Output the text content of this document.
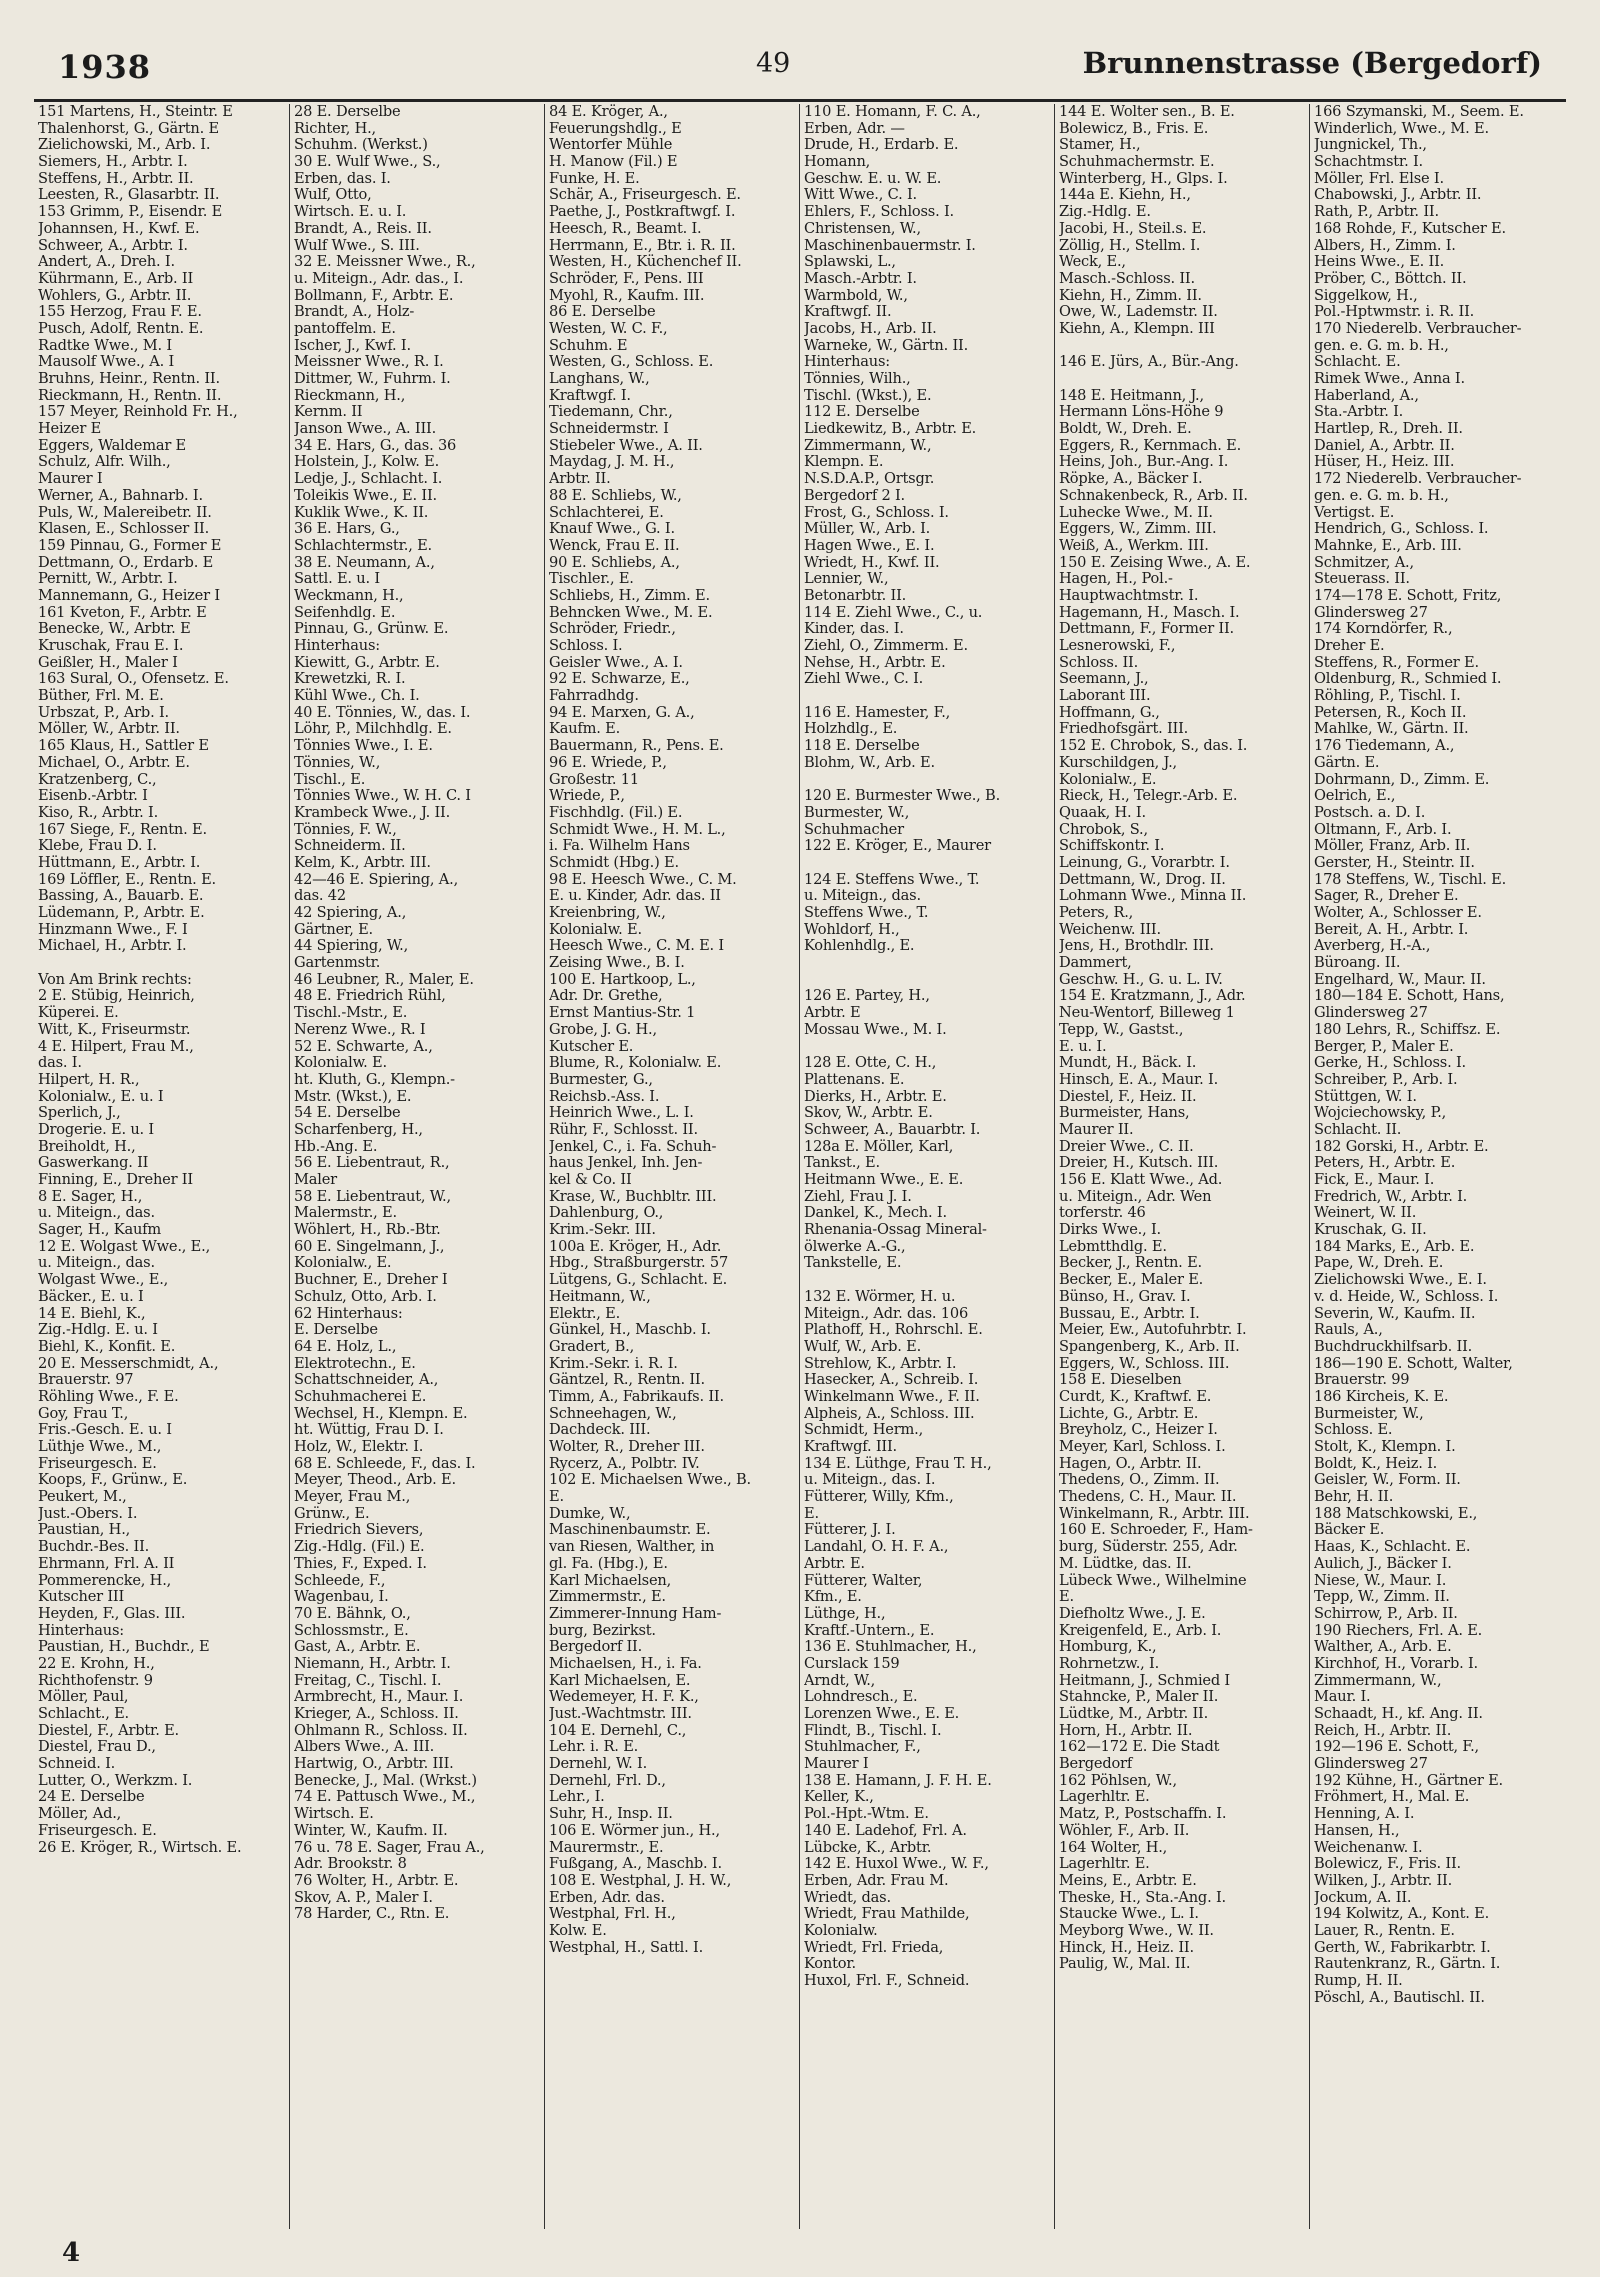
1938	49	Brunnenstrasse (Bergedorf)
151 Martens, H., Steintr. E
Thalenhorst, G., Gärtn. E
Zielichowski, M., Arb. I.
Siemers, H., Arbtr. I.
Steffens, H., Arbtr. II.
Leesten, R., Glasarbtr. II.
153 Grimm, P., Eisendr. E
Johannsen, H., Kwf. E.
Schweer, A., Arbtr. I.
Andert, A., Dreh. I.
Kührmann, E., Arb. II
Wohlers, G., Arbtr. II.
155 Herzog, Frau F. E.
Pusch, Adolf, Rentn. E.
Radtke Wwe., M. I
Mausolf Wwe., A. I
Bruhns, Heinr., Rentn. II.
Rieckmann, H., Rentn. II.
157 Meyer, Reinhold Fr. H.,
Heizer E
Eggers, Waldemar E
Schulz, Alfr. Wilh.,
Maurer I
Werner, A., Bahnarb. I.
Puls, W., Malereibetr. II.
Klasen, E., Schlosser II.
159 Pinnau, G., Former E
Dettmann, O., Erdarb. E
Pernitt, W., Arbtr. I.
Mannemann, G., Heizer I
161 Kveton, F., Arbtr. E
Benecke, W., Arbtr. E
Kruschak, Frau E. I.
Geißler, H., Maler I
163 Sural, O., Ofensetz. E.
Büther, Frl. M. E.
Urbszat, P., Arb. I.
Möller, W., Arbtr. II.
165 Klaus, H., Sattler E
Michael, O., Arbtr. E.
Kratzenberg, C.,
Eisenb.-Arbtr. I
Kiso, R., Arbtr. I.
167 Siege, F., Rentn. E.
Klebe, Frau D. I.
Hüttmann, E., Arbtr. I.
169 Löffler, E., Rentn. E.
Bassing, A., Bauarb. E.
Lüdemann, P., Arbtr. E.
Hinzmann Wwe., F. I
Michael, H., Arbtr. I.
Von Am Brink rechts:
2 E. Stübig, Heinrich,
Küperei. E.
Witt, K., Friseurmstr.
4 E. Hilpert, Frau M.,
das. I.
Hilpert, H. R.,
Kolonialw., E. u. I
Sperlich, J.,
Drogerie. E. u. I
Breiholdt, H.,
Gaswerkang. II
Finning, E., Dreher II
8 E. Sager, H.,
u. Miteign., das.
Sager, H., Kaufm
12 E. Wolgast Wwe., E.,
u. Miteign., das.
Wolgast Wwe., E.,
Bäcker., E. u. I
14 E. Biehl, K.,
Zig.-Hdlg. E. u. I
Biehl, K., Konfit. E.
20 E. Messerschmidt, A.,
Brauerstr. 97
Röhling Wwe., F. E.
Goy, Frau T.,
Fris.-Gesch. E. u. I
Lüthje Wwe., M.,
Friseurgesch. E.
Koops, F., Grünw., E.
Peukert, M.,
Just.-Obers. I.
Paustian, H.,
Buchdr.-Bes. II.
Ehrmann, Frl. A. II
Pommerencke, H.,
Kutscher III
Heyden, F., Glas. III.
Hinterhaus:
Paustian, H., Buchdr., E
22 E. Krohn, H.,
Richthofenstr. 9
Möller, Paul,
Schlacht., E.
Diestel, F., Arbtr. E.
Diestel, Frau D.,
Schneid. I.
Lutter, O., Werkzm. I.
24 E. Derselbe
Möller, Ad.,
Friseurgesch. E.
26 E. Kröger, R., Wirtsch. E.
28 E. Derselbe
Richter, H.,
Schuhm. (Werkst.)
30 E. Wulf Wwe., S.,
Erben, das. I.
Wulf, Otto,
Wirtsch. E. u. I.
Brandt, A., Reis. II.
Wulf Wwe., S. III.
32 E. Meissner Wwe., R.,
u. Miteign., Adr. das., I.
Bollmann, F., Arbtr. E.
Brandt, A., Holz-
pantoffelm. E.
Ischer, J., Kwf. I.
Meissner Wwe., R. I.
Dittmer, W., Fuhrm. I.
Rieckmann, H.,
Kernm. II
Janson Wwe., A. III.
34 E. Hars, G., das. 36
Holstein, J., Kolw. E.
Ledje, J., Schlacht. I.
Toleikis Wwe., E. II.
Kuklik Wwe., K. II.
36 E. Hars, G.,
Schlachtermstr., E.
38 E. Neumann, A.,
Sattl. E. u. I
Weckmann, H.,
Seifenhdlg. E.
Pinnau, G., Grünw. E.
Hinterhaus:
Kiewitt, G., Arbtr. E.
Krewetzki, R. I.
Kühl Wwe., Ch. I.
40 E. Tönnies, W., das. I.
Löhr, P., Milchhdlg. E.
Tönnies Wwe., I. E.
Tönnies, W.,
Tischl., E.
Tönnies Wwe., W. H. C. I
Krambeck Wwe., J. II.
Tönnies, F. W.,
Schneiderm. II.
Kelm, K., Arbtr. III.
42—46 E. Spiering, A.,
das. 42
42 Spiering, A.,
Gärtner, E.
44 Spiering, W.,
Gartenmstr.
46 Leubner, R., Maler, E.
48 E. Friedrich Rühl,
Tischl.-Mstr., E.
Nerenz Wwe., R. I
52 E. Schwarte, A.,
Kolonialw. E.
ht. Kluth, G., Klempn.-
Mstr. (Wkst.), E.
54 E. Derselbe
Scharfenberg, H.,
Hb.-Ang. E.
56 E. Liebentraut, R.,
Maler
58 E. Liebentraut, W.,
Malermstr., E.
Wöhlert, H., Rb.-Btr.
60 E. Singelmann, J.,
Kolonialw., E.
Buchner, E., Dreher I
Schulz, Otto, Arb. I.
62 Hinterhaus:
E. Derselbe
64 E. Holz, L.,
Elektrotechn., E.
Schattschneider, A.,
Schuhmacherei E.
Wechsel, H., Klempn. E.
ht. Wüttig, Frau D. I.
Holz, W., Elektr. I.
68 E. Schleede, F., das. I.
Meyer, Theod., Arb. E.
Meyer, Frau M.,
Grünw., E.
Friedrich Sievers,
Zig.-Hdlg. (Fil.) E.
Thies, F., Exped. I.
Schleede, F.,
Wagenbau, I.
70 E. Bähnk, O.,
Schlossmstr., E.
Gast, A., Arbtr. E.
Niemann, H., Arbtr. I.
Freitag, C., Tischl. I.
Armbrecht, H., Maur. I.
Krieger, A., Schloss. II.
Ohlmann R., Schloss. II.
Albers Wwe., A. III.
Hartwig, O., Arbtr. III.
Benecke, J., Mal. (Wrkst.)
74 E. Pattusch Wwe., M.,
Wirtsch. E.
Winter, W., Kaufm. II.
76 u. 78 E. Sager, Frau A.,
Adr. Brookstr. 8
76 Wolter, H., Arbtr. E.
Skov, A. P., Maler I.
78 Harder, C., Rtn. E.
84 E. Kröger, A.,
Feuerungshdlg., E
Wentorfer Mühle
H. Manow (Fil.) E
Funke, H. E.
Schär, A., Friseurgesch. E.
Paethe, J., Postkraftwgf. I.
Heesch, R., Beamt. I.
Herrmann, E., Btr. i. R. II.
Westen, H., Küchenchef II.
Schröder, F., Pens. III
Myohl, R., Kaufm. III.
86 E. Derselbe
Westen, W. C. F.,
Schuhm. E
Westen, G., Schloss. E.
Langhans, W.,
Kraftwgf. I.
Tiedemann, Chr.,
Schneidermstr. I
Stiebeler Wwe., A. II.
Maydag, J. M. H.,
Arbtr. II.
88 E. Schliebs, W.,
Schlachterei, E.
Knauf Wwe., G. I.
Wenck, Frau E. II.
90 E. Schliebs, A.,
Tischler., E.
Schliebs, H., Zimm. E.
Behncken Wwe., M. E.
Schröder, Friedr.,
Schloss. I.
Geisler Wwe., A. I.
92 E. Schwarze, E.,
Fahrradhdg.
94 E. Marxen, G. A.,
Kaufm. E.
Bauermann, R., Pens. E.
96 E. Wriede, P.,
Großestr. 11
Wriede, P.,
Fischhdlg. (Fil.) E.
Schmidt Wwe., H. M. L.,
i. Fa. Wilhelm Hans
Schmidt (Hbg.) E.
98 E. Heesch Wwe., C. M.
E. u. Kinder, Adr. das. II
Kreienbring, W.,
Kolonialw. E.
Heesch Wwe., C. M. E. I
Zeising Wwe., B. I.
100 E. Hartkoop, L.,
Adr. Dr. Grethe,
Ernst Mantius-Str. 1
Grobe, J. G. H.,
Kutscher E.
Blume, R., Kolonialw. E.
Burmester, G.,
Reichsb.-Ass. I.
Heinrich Wwe., L. I.
Rühr, F., Schlosst. II.
Jenkel, C., i. Fa. Schuh-
haus Jenkel, Inh. Jen-
kel & Co. II
Krase, W., Buchbltr. III.
Dahlenburg, O.,
Krim.-Sekr. III.
100a E. Kröger, H., Adr.
Hbg., Straßburgerstr. 57
Lütgens, G., Schlacht. E.
Heitmann, W.,
Elektr., E.
Günkel, H., Maschb. I.
Gradert, B.,
Krim.-Sekr. i. R. I.
Gäntzel, R., Rentn. II.
Timm, A., Fabrikaufs. II.
Schneehagen, W.,
Dachdeck. III.
Wolter, R., Dreher III.
Rycerz, A., Polbtr. IV.
102 E. Michaelsen Wwe., B.
E.
Dumke, W.,
Maschinenbaumstr. E.
van Riesen, Walther, in
gl. Fa. (Hbg.), E.
Karl Michaelsen,
Zimmermstr., E.
Zimmerer-Innung Ham-
burg, Bezirkst.
Bergedorf II.
Michaelsen, H., i. Fa.
Karl Michaelsen, E.
Wedemeyer, H. F. K.,
Just.-Wachtmstr. III.
104 E. Dernehl, C.,
Lehr. i. R. E.
Dernehl, W. I.
Dernehl, Frl. D.,
Lehr., I.
Suhr, H., Insp. II.
106 E. Wörmer jun., H.,
Maurermstr., E.
Fußgang, A., Maschb. I.
108 E. Westphal, J. H. W.,
Erben, Adr. das.
Westphal, Frl. H.,
Kolw. E.
Westphal, H., Sattl. I.
110 E. Homann, F. C. A.,
Erben, Adr. —
Drude, H., Erdarb. E.
Homann,
Geschw. E. u. W. E.
Witt Wwe., C. I.
Ehlers, F., Schloss. I.
Christensen, W.,
Maschinenbauermstr. I.
Splawski, L.,
Masch.-Arbtr. I.
Warmbold, W.,
Kraftwgf. II.
Jacobs, H., Arb. II.
Warneke, W., Gärtn. II.
Hinterhaus:
Tönnies, Wilh.,
Tischl. (Wkst.), E.
112 E. Derselbe
Liedkewitz, B., Arbtr. E.
Zimmermann, W.,
Klempn. E.
N.S.D.A.P., Ortsgr.
Bergedorf 2 I.
Frost, G., Schloss. I.
Müller, W., Arb. I.
Hagen Wwe., E. I.
Wriedt, H., Kwf. II.
Lennier, W.,
Betonarbtr. II.
114 E. Ziehl Wwe., C., u.
Kinder, das. I.
Ziehl, O., Zimmerm. E.
Nehse, H., Arbtr. E.
Ziehl Wwe., C. I.
116 E. Hamester, F.,
Holzhdlg., E.
118 E. Derselbe
Blohm, W., Arb. E.
120 E. Burmester Wwe., B.
Burmester, W.,
Schuhmacher
122 E. Kröger, E., Maurer
124 E. Steffens Wwe., T.
u. Miteign., das.
Steffens Wwe., T.
Wohldorf, H.,
Kohlenhdlg., E.
126 E. Partey, H.,
Arbtr. E
Mossau Wwe., M. I.
128 E. Otte, C. H.,
Plattenans. E.
Dierks, H., Arbtr. E.
Skov, W., Arbtr. E.
Schweer, A., Bauarbtr. I.
128a E. Möller, Karl,
Tankst., E.
Heitmann Wwe., E. E.
Ziehl, Frau J. I.
Dankel, K., Mech. I.
Rhenania-Ossag Mineral-
ölwerke A.-G.,
Tankstelle, E.
132 E. Wörmer, H. u.
Miteign., Adr. das. 106
Plathoff, H., Rohrschl. E.
Wulf, W., Arb. E.
Strehlow, K., Arbtr. I.
Hasecker, A., Schreib. I.
Winkelmann Wwe., F. II.
Alpheis, A., Schloss. III.
Schmidt, Herm.,
Kraftwgf. III.
134 E. Lüthge, Frau T. H.,
u. Miteign., das. I.
Fütterer, Willy, Kfm.,
E.
Fütterer, J. I.
Landahl, O. H. F. A.,
Arbtr. E.
Fütterer, Walter,
Kfm., E.
Lüthge, H.,
Kraftf.-Untern., E.
136 E. Stuhlmacher, H.,
Curslack 159
Arndt, W.,
Lohndresch., E.
Lorenzen Wwe., E. E.
Flindt, B., Tischl. I.
Stuhlmacher, F.,
Maurer I
138 E. Hamann, J. F. H. E.
Keller, K.,
Pol.-Hpt.-Wtm. E.
140 E. Ladehof, Frl. A.
Lübcke, K., Arbtr.
142 E. Huxol Wwe., W. F.,
Erben, Adr. Frau M.
Wriedt, das.
Wriedt, Frau Mathilde,
Kolonialw.
Wriedt, Frl. Frieda,
Kontor.
Huxol, Frl. F., Schneid.
144 E. Wolter sen., B. E.
Bolewicz, B., Fris. E.
Stamer, H.,
Schuhmachermstr. E.
Winterberg, H., Glps. I.
144a E. Kiehn, H.,
Zig.-Hdlg. E.
Jacobi, H., Steil.s. E.
Zöllig, H., Stellm. I.
Weck, E.,
Masch.-Schloss. II.
Kiehn, H., Zimm. II.
Owe, W., Lademstr. II.
Kiehn, A., Klempn. III
146 E. Jürs, A., Bür.-Ang.
148 E. Heitmann, J.,
Hermann Löns-Höhe 9
Boldt, W., Dreh. E.
Eggers, R., Kernmach. E.
Heins, Joh., Bur.-Ang. I.
Röpke, A., Bäcker I.
Schnakenbeck, R., Arb. II.
Luhecke Wwe., M. II.
Eggers, W., Zimm. III.
Weiß, A., Werkm. III.
150 E. Zeising Wwe., A. E.
Hagen, H., Pol.-
Hauptwachtmstr. I.
Hagemann, H., Masch. I.
Dettmann, F., Former II.
Lesnerowski, F.,
Schloss. II.
Seemann, J.,
Laborant III.
Hoffmann, G.,
Friedhofsgärt. III.
152 E. Chrobok, S., das. I.
Kurschildgen, J.,
Kolonialw., E.
Rieck, H., Telegr.-Arb. E.
Quaak, H. I.
Chrobok, S.,
Schiffskontr. I.
Leinung, G., Vorarbtr. I.
Dettmann, W., Drog. II.
Lohmann Wwe., Minna II.
Peters, R.,
Weichenw. III.
Jens, H., Brothdlr. III.
Dammert,
Geschw. H., G. u. L. IV.
154 E. Kratzmann, J., Adr.
Neu-Wentorf, Billeweg 1
Tepp, W., Gastst.,
E. u. I.
Mundt, H., Bäck. I.
Hinsch, E. A., Maur. I.
Diestel, F., Heiz. II.
Burmeister, Hans,
Maurer II.
Dreier Wwe., C. II.
Dreier, H., Kutsch. III.
156 E. Klatt Wwe., Ad.
u. Miteign., Adr. Wen
torferstr. 46
Dirks Wwe., I.
Lebmtthdlg. E.
Becker, J., Rentn. E.
Becker, E., Maler E.
Bünso, H., Grav. I.
Bussau, E., Arbtr. I.
Meier, Ew., Autofuhrbtr. I.
Spangenberg, K., Arb. II.
Eggers, W., Schloss. III.
158 E. Dieselben
Curdt, K., Kraftwf. E.
Lichte, G., Arbtr. E.
Breyholz, C., Heizer I.
Meyer, Karl, Schloss. I.
Hagen, O., Arbtr. II.
Thedens, O., Zimm. II.
Thedens, C. H., Maur. II.
Winkelmann, R., Arbtr. III.
160 E. Schroeder, F., Ham-
burg, Süderstr. 255, Adr.
M. Lüdtke, das. II.
Lübeck Wwe., Wilhelmine
E.
Diefholtz Wwe., J. E.
Kreigenfeld, E., Arb. I.
Homburg, K.,
Rohrnetzw., I.
Heitmann, J., Schmied I
Stahncke, P., Maler II.
Lüdtke, M., Arbtr. II.
Horn, H., Arbtr. II.
162—172 E. Die Stadt
Bergedorf
162 Pöhlsen, W.,
Lagerhltr. E.
Matz, P., Postschaffn. I.
Wöhler, F., Arb. II.
164 Wolter, H.,
Lagerhltr. E.
Meins, E., Arbtr. E.
Theske, H., Sta.-Ang. I.
Staucke Wwe., L. I.
Meyborg Wwe., W. II.
Hinck, H., Heiz. II.
Paulig, W., Mal. II.
166 Szymanski, M., Seem. E.
Winderlich, Wwe., M. E.
Jungnickel, Th.,
Schachtmstr. I.
Möller, Frl. Else I.
Chabowski, J., Arbtr. II.
Rath, P., Arbtr. II.
168 Rohde, F., Kutscher E.
Albers, H., Zimm. I.
Heins Wwe., E. II.
Pröber, C., Böttch. II.
Siggelkow, H.,
Pol.-Hptwmstr. i. R. II.
170 Niederelb. Verbraucher-
gen. e. G. m. b. H.,
Schlacht. E.
Rimek Wwe., Anna I.
Haberland, A.,
Sta.-Arbtr. I.
Hartlep, R., Dreh. II.
Daniel, A., Arbtr. II.
Hüser, H., Heiz. III.
172 Niederelb. Verbraucher-
gen. e. G. m. b. H.,
Vertigst. E.
Hendrich, G., Schloss. I.
Mahnke, E., Arb. III.
Schmitzer, A.,
Steuerass. II.
174—178 E. Schott, Fritz,
Glindersweg 27
174 Korndörfer, R.,
Dreher E.
Steffens, R., Former E.
Oldenburg, R., Schmied I.
Röhling, P., Tischl. I.
Petersen, R., Koch II.
Mahlke, W., Gärtn. II.
176 Tiedemann, A.,
Gärtn. E.
Dohrmann, D., Zimm. E.
Oelrich, E.,
Postsch. a. D. I.
Oltmann, F., Arb. I.
Möller, Franz, Arb. II.
Gerster, H., Steintr. II.
178 Steffens, W., Tischl. E.
Sager, R., Dreher E.
Wolter, A., Schlosser E.
Bereit, A. H., Arbtr. I.
Averberg, H.-A.,
Büroang. II.
Engelhard, W., Maur. II.
180—184 E. Schott, Hans,
Glindersweg 27
180 Lehrs, R., Schiffsz. E.
Berger, P., Maler E.
Gerke, H., Schloss. I.
Schreiber, P., Arb. I.
Stüttgen, W. I.
Wojciechowsky, P.,
Schlacht. II.
182 Gorski, H., Arbtr. E.
Peters, H., Arbtr. E.
Fick, E., Maur. I.
Fredrich, W., Arbtr. I.
Weinert, W. II.
Kruschak, G. II.
184 Marks, E., Arb. E.
Pape, W., Dreh. E.
Zielichowski Wwe., E. I.
v. d. Heide, W., Schloss. I.
Severin, W., Kaufm. II.
Rauls, A.,
Buchdruckhilfsarb. II.
186—190 E. Schott, Walter,
Brauerstr. 99
186 Kircheis, K. E.
Burmeister, W.,
Schloss. E.
Stolt, K., Klempn. I.
Boldt, K., Heiz. I.
Geisler, W., Form. II.
Behr, H. II.
188 Matschkowski, E.,
Bäcker E.
Haas, K., Schlacht. E.
Aulich, J., Bäcker I.
Niese, W., Maur. I.
Tepp, W., Zimm. II.
Schirrow, P., Arb. II.
190 Riechers, Frl. A. E.
Walther, A., Arb. E.
Kirchhof, H., Vorarb. I.
Zimmermann, W.,
Maur. I.
Schaadt, H., kf. Ang. II.
Reich, H., Arbtr. II.
192—196 E. Schott, F.,
Glindersweg 27
192 Kühne, H., Gärtner E.
Fröhmert, H., Mal. E.
Henning, A. I.
Hansen, H.,
Weichenanw. I.
Bolewicz, F., Fris. II.
Wilken, J., Arbtr. II.
Jockum, A. II.
194 Kolwitz, A., Kont. E.
Lauer, R., Rentn. E.
Gerth, W., Fabrikarbtr. I.
Rautenkranz, R., Gärtn. I.
Rump, H. II.
Pöschl, A., Bautischl. II.
4
